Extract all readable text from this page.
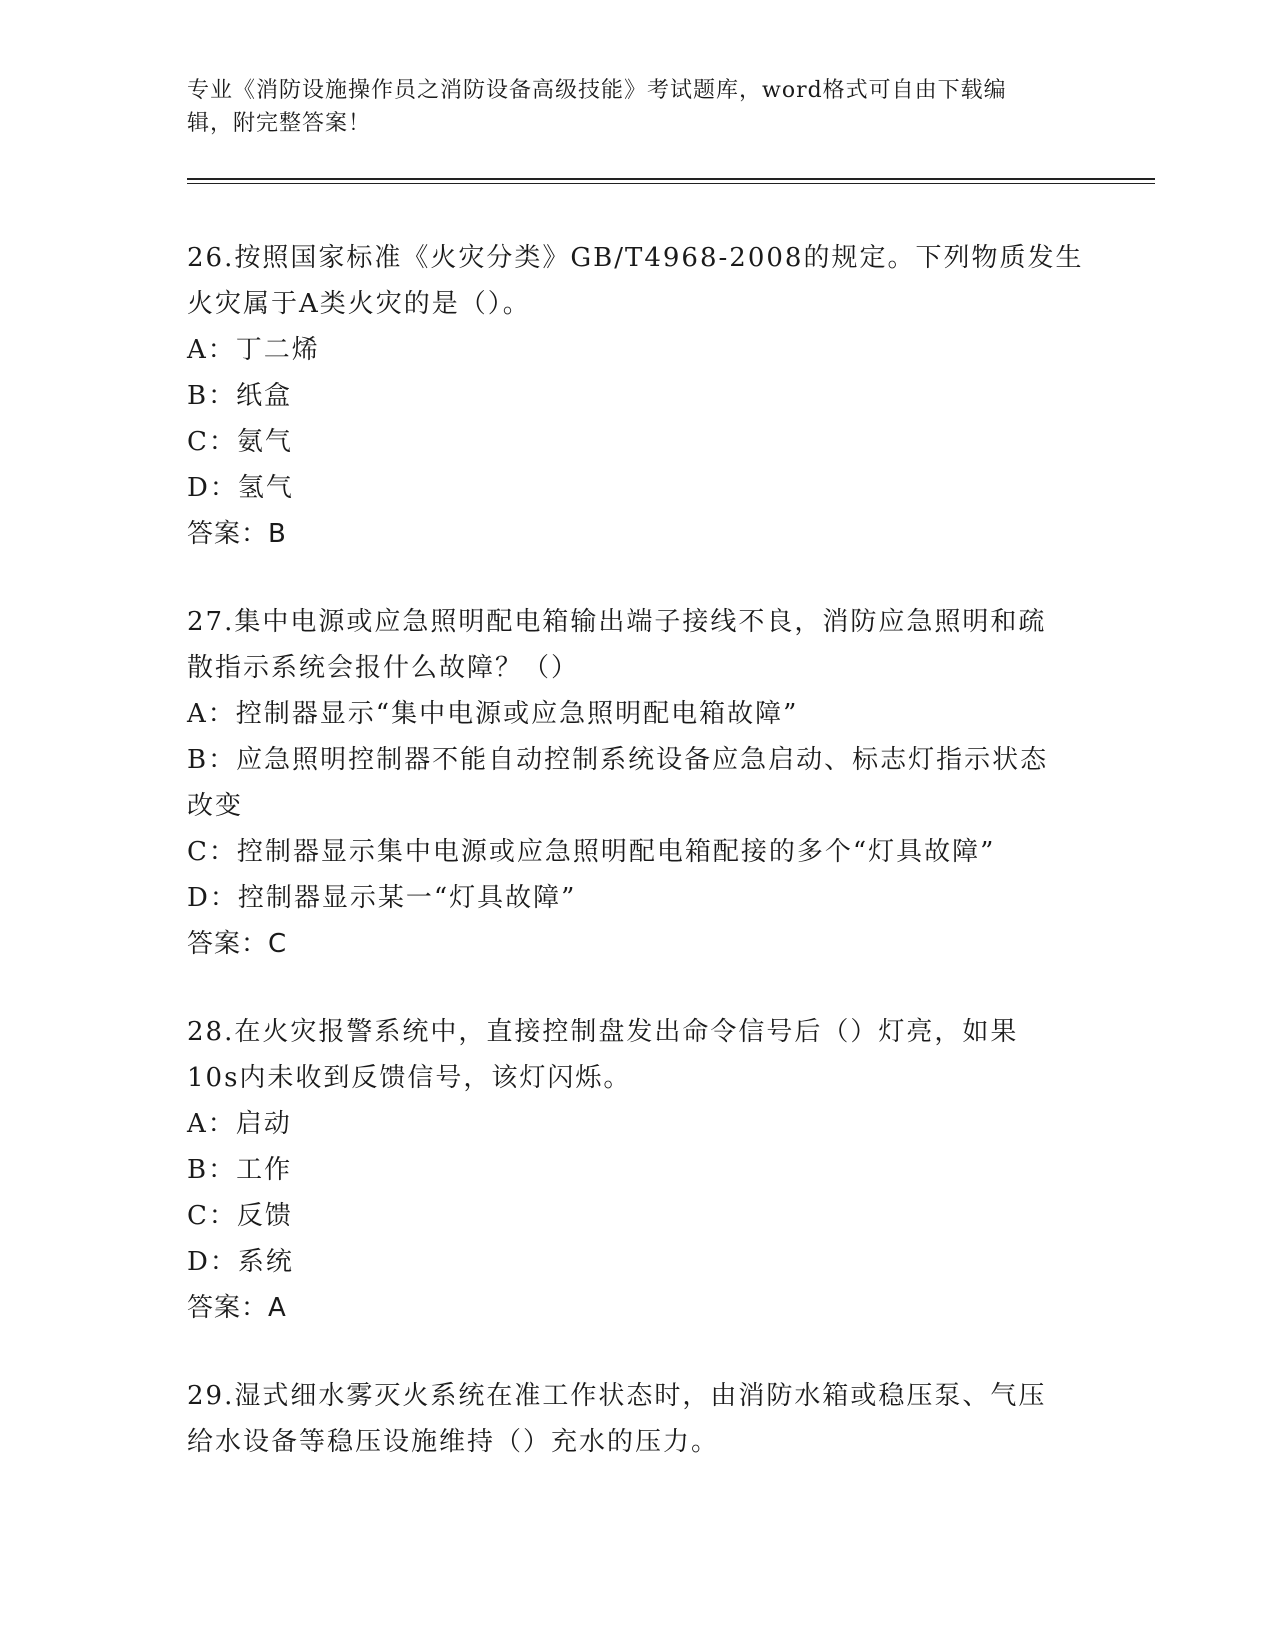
专业《消防设施操作员之消防设备高级技能》考试题库，word格式可自由下载编
辑，附完整答案！
26.按照国家标准《火灾分类》GB/T4968-2008的规定。下列物质发生
火灾属于A类火灾的是（）。
A：丁二烯
B：纸盒
C：氨气
D：氢气
答案：B
27.集中电源或应急照明配电箱输出端子接线不良，消防应急照明和疏
散指示系统会报什么故障？（）
A：控制器显示“集中电源或应急照明配电箱故障”
B：应急照明控制器不能自动控制系统设备应急启动、标志灯指示状态
改变
C：控制器显示集中电源或应急照明配电箱配接的多个“灯具故障”
D：控制器显示某一“灯具故障”
答案：C
28.在火灾报警系统中，直接控制盘发出命令信号后（）灯亮，如果
10s内未收到反馈信号，该灯闪烁。
A：启动
B：工作
C：反馈
D：系统
答案：A
29.湿式细水雾灭火系统在准工作状态时，由消防水箱或稳压泵、气压
给水设备等稳压设施维持（）充水的压力。
